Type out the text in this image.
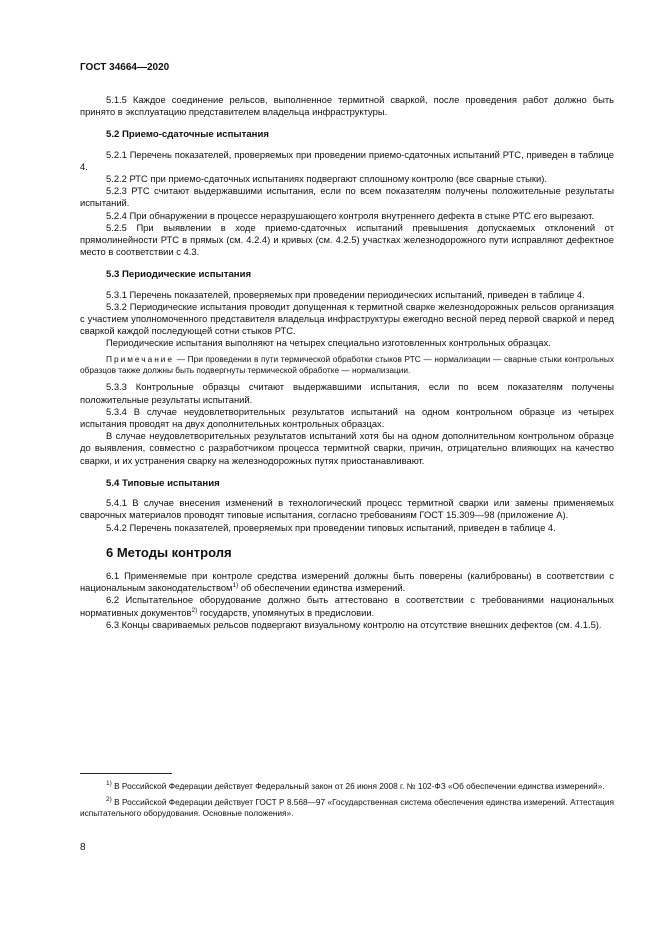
ГОСТ 34664—2020

5.1.5 Каждое соединение рельсов, выполненное термитной сваркой, после проведения работ должно быть принято в эксплуатацию представителем владельца инфраструктуры.

5.2 Приемо-сдаточные испытания

5.2.1 Перечень показателей, проверяемых при проведении приемо-сдаточных испытаний РТС, приведен в таблице 4.

5.2.2 РТС при приемо-сдаточных испытаниях подвергают сплошному контролю (все сварные стыки).

5.2.3 РТС считают выдержавшими испытания, если по всем показателям получены положительные результаты испытаний.

5.2.4 При обнаружении в процессе неразрушающего контроля внутреннего дефекта в стыке РТС его вырезают.

5.2.5 При выявлении в ходе приемо-сдаточных испытаний превышения допускаемых отклонений от прямолинейности РТС в прямых (см. 4.2.4) и кривых (см. 4.2.5) участках железнодорожного пути исправляют дефектное место в соответствии с 4.3.

5.3 Периодические испытания

5.3.1 Перечень показателей, проверяемых при проведении периодических испытаний, приведен в таблице 4.

5.3.2 Периодические испытания проводит допущенная к термитной сварке железнодорожных рельсов организация с участием уполномоченного представителя владельца инфраструктуры ежегодно весной перед первой сваркой и перед сваркой каждой последующей сотни стыков РТС.

Периодические испытания выполняют на четырех специально изготовленных контрольных образцах.

Примечание — При проведении в пути термической обработки стыков РТС — нормализации — сварные стыки контрольных образцов также должны быть подвергнуты термической обработке — нормализации.

5.3.3 Контрольные образцы считают выдержавшими испытания, если по всем показателям получены положительные результаты испытаний.

5.3.4 В случае неудовлетворительных результатов испытаний на одном контрольном образце из четырех испытания проводят на двух дополнительных контрольных образцах.

В случае неудовлетворительных результатов испытаний хотя бы на одном дополнительном контрольном образце до выявления, совместно с разработчиком процесса термитной сварки, причин, отрицательно влияющих на качество сварки, и их устранения сварку на железнодорожных путях приостанавливают.

5.4 Типовые испытания

5.4.1 В случае внесения изменений в технологический процесс термитной сварки или замены применяемых сварочных материалов проводят типовые испытания, согласно требованиям ГОСТ 15.309—98 (приложение А).

5.4.2 Перечень показателей, проверяемых при проведении типовых испытаний, приведен в таблице 4.

6 Методы контроля

6.1 Применяемые при контроле средства измерений должны быть поверены (калиброваны) в соответствии с национальным законодательством$^{1)}$ об обеспечении единства измерений.

6.2 Испытательное оборудование должно быть аттестовано в соответствии с требованиями национальных нормативных документов$^{2)}$ государств, упомянутых в предисловии.

6.3 Концы свариваемых рельсов подвергают визуальному контролю на отсутствие внешних дефектов (см. 4.1.5).

$^{1)}$ В Российской Федерации действует Федеральный закон от 26 июня 2008 г. № 102-ФЗ «Об обеспечении единства измерений».

$^{2)}$ В Российской Федерации действует ГОСТ Р 8.568—97 «Государственная система обеспечения единства измерений. Аттестация испытательного оборудования. Основные положения».

8
